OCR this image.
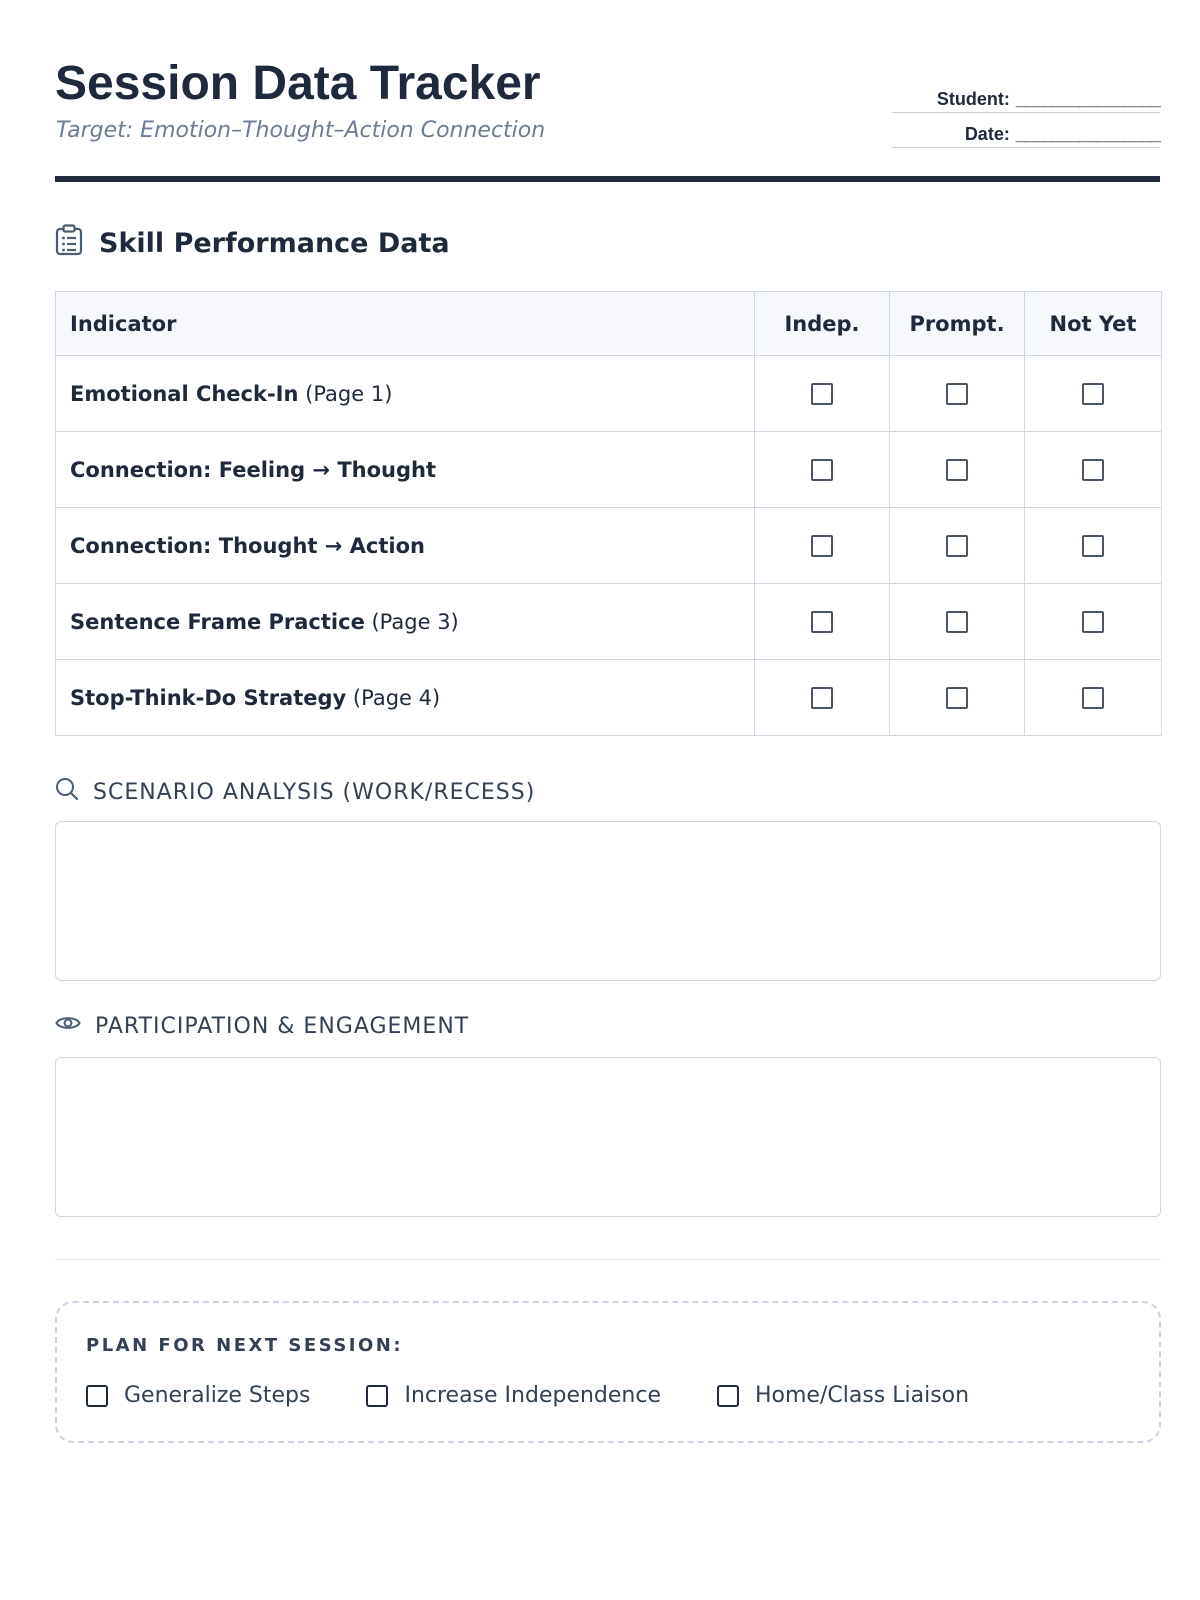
Session Data Tracker
Target: Emotion–Thought–Action Connection
Student: ________________
Date: ________________
Skill Performance Data
Indicator	Indep.	Prompt.	Not Yet
Emotional Check-In (Page 1)			
Connection: Feeling → Thought			
Connection: Thought → Action			
Sentence Frame Practice (Page 3)			
Stop-Think-Do Strategy (Page 4)			
SCENARIO ANALYSIS (WORK/RECESS)
PARTICIPATION & ENGAGEMENT
PLAN FOR NEXT SESSION:
Generalize Steps	Increase Independence	Home/Class Liaison
